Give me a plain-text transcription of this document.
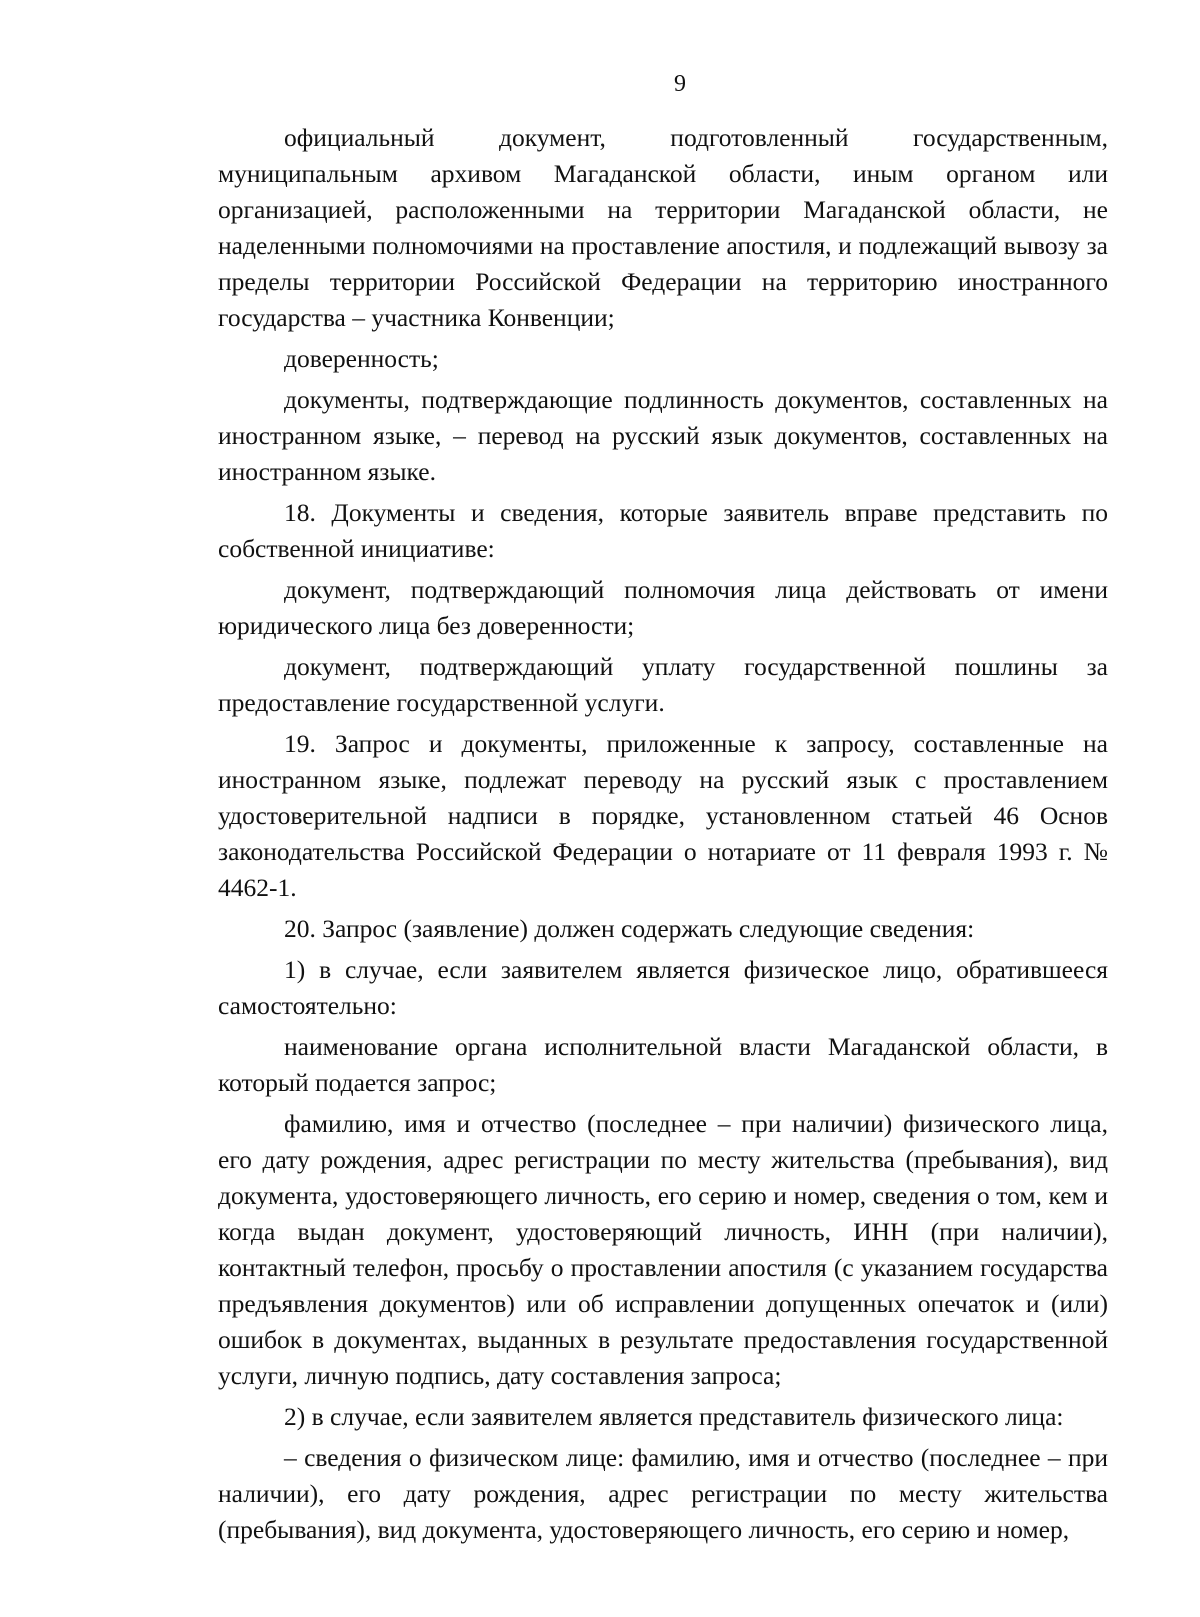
9

официальный документ, подготовленный государственным, муниципальным архивом Магаданской области, иным органом или организацией, расположенными на территории Магаданской области, не наделенными полномочиями на проставление апостиля, и подлежащий вывозу за пределы территории Российской Федерации на территорию иностранного государства – участника Конвенции;

доверенность;

документы, подтверждающие подлинность документов, составленных на иностранном языке, – перевод на русский язык документов, составленных на иностранном языке.

18. Документы и сведения, которые заявитель вправе представить по собственной инициативе:

документ, подтверждающий полномочия лица действовать от имени юридического лица без доверенности;

документ, подтверждающий уплату государственной пошлины за предоставление государственной услуги.

19. Запрос и документы, приложенные к запросу, составленные на иностранном языке, подлежат переводу на русский язык с проставлением удостоверительной надписи в порядке, установленном статьей 46 Основ законодательства Российской Федерации о нотариате от 11 февраля 1993 г. № 4462-1.

20. Запрос (заявление) должен содержать следующие сведения:

1) в случае, если заявителем является физическое лицо, обратившееся самостоятельно:

наименование органа исполнительной власти Магаданской области, в который подается запрос;

фамилию, имя и отчество (последнее – при наличии) физического лица, его дату рождения, адрес регистрации по месту жительства (пребывания), вид документа, удостоверяющего личность, его серию и номер, сведения о том, кем и когда выдан документ, удостоверяющий личность, ИНН (при наличии), контактный телефон, просьбу о проставлении апостиля (с указанием государства предъявления документов) или об исправлении допущенных опечаток и (или) ошибок в документах, выданных в результате предоставления государственной услуги, личную подпись, дату составления запроса;

2) в случае, если заявителем является представитель физического лица:

– сведения о физическом лице: фамилию, имя и отчество (последнее – при наличии), его дату рождения, адрес регистрации по месту жительства (пребывания), вид документа, удостоверяющего личность, его серию и номер,
